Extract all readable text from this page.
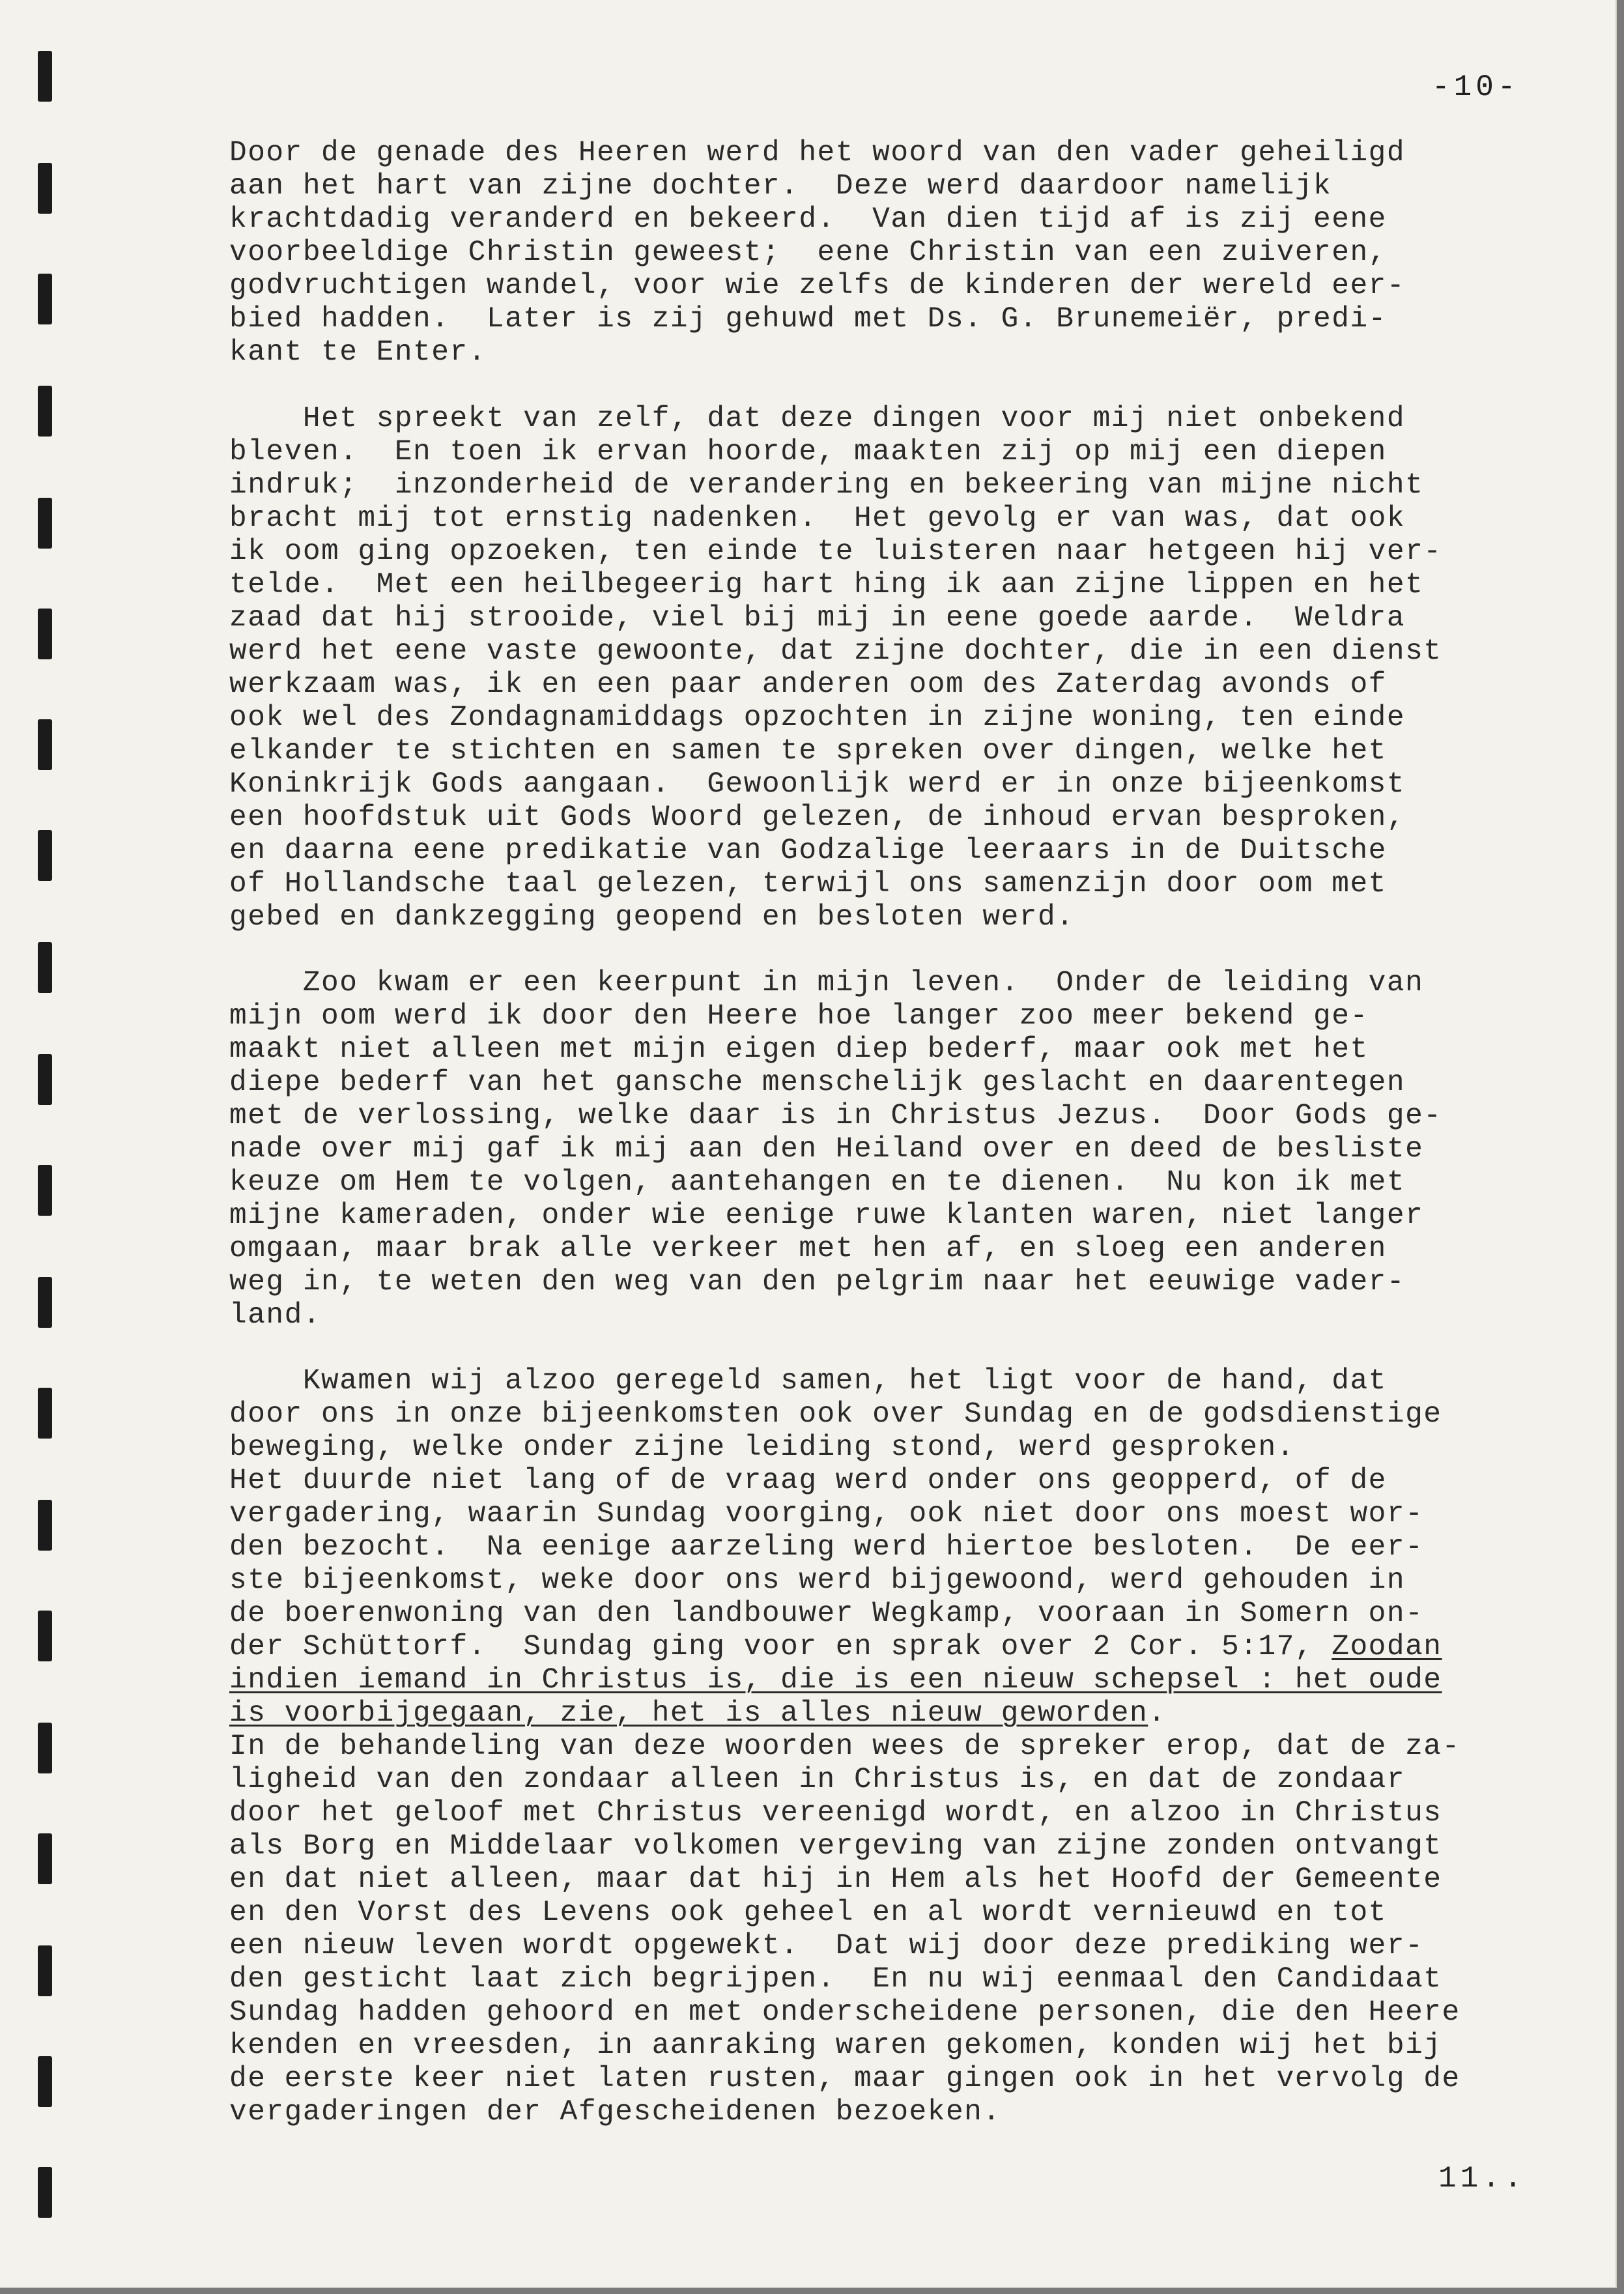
-10-

Door de genade des Heeren werd het woord van den vader geheiligd

aan het hart van zijne dochter.  Deze werd daardoor namelijk

krachtdadig veranderd en bekeerd.  Van dien tijd af is zij eene

voorbeeldige Christin geweest;  eene Christin van een zuiveren,

godvruchtigen wandel, voor wie zelfs de kinderen der wereld eer-

bied hadden.  Later is zij gehuwd met Ds. G. Brunemeiër, predi-

kant te Enter.

Het spreekt van zelf, dat deze dingen voor mij niet onbekend

bleven.  En toen ik ervan hoorde, maakten zij op mij een diepen

indruk;  inzonderheid de verandering en bekeering van mijne nicht

bracht mij tot ernstig nadenken.  Het gevolg er van was, dat ook

ik oom ging opzoeken, ten einde te luisteren naar hetgeen hij ver-

telde.  Met een heilbegeerig hart hing ik aan zijne lippen en het

zaad dat hij strooide, viel bij mij in eene goede aarde.  Weldra

werd het eene vaste gewoonte, dat zijne dochter, die in een dienst

werkzaam was, ik en een paar anderen oom des Zaterdag avonds of

ook wel des Zondagnamiddags opzochten in zijne woning, ten einde

elkander te stichten en samen te spreken over dingen, welke het

Koninkrijk Gods aangaan.  Gewoonlijk werd er in onze bijeenkomst

een hoofdstuk uit Gods Woord gelezen, de inhoud ervan besproken,

en daarna eene predikatie van Godzalige leeraars in de Duitsche

of Hollandsche taal gelezen, terwijl ons samenzijn door oom met

gebed en dankzegging geopend en besloten werd.

Zoo kwam er een keerpunt in mijn leven.  Onder de leiding van

mijn oom werd ik door den Heere hoe langer zoo meer bekend ge-

maakt niet alleen met mijn eigen diep bederf, maar ook met het

diepe bederf van het gansche menschelijk geslacht en daarentegen

met de verlossing, welke daar is in Christus Jezus.  Door Gods ge-

nade over mij gaf ik mij aan den Heiland over en deed de besliste

keuze om Hem te volgen, aantehangen en te dienen.  Nu kon ik met

mijne kameraden, onder wie eenige ruwe klanten waren, niet langer

omgaan, maar brak alle verkeer met hen af, en sloeg een anderen

weg in, te weten den weg van den pelgrim naar het eeuwige vader-

land.

Kwamen wij alzoo geregeld samen, het ligt voor de hand, dat

door ons in onze bijeenkomsten ook over Sundag en de godsdienstige

beweging, welke onder zijne leiding stond, werd gesproken.

Het duurde niet lang of de vraag werd onder ons geopperd, of de

vergadering, waarin Sundag voorging, ook niet door ons moest wor-

den bezocht.  Na eenige aarzeling werd hiertoe besloten.  De eer-

ste bijeenkomst, weke door ons werd bijgewoond, werd gehouden in

de boerenwoning van den landbouwer Wegkamp, vooraan in Somern on-

der Schüttorf.  Sundag ging voor en sprak over 2 Cor. 5:17, Zoodan

indien iemand in Christus is, die is een nieuw schepsel : het oude

is voorbijgegaan, zie, het is alles nieuw geworden.

In de behandeling van deze woorden wees de spreker erop, dat de za-

ligheid van den zondaar alleen in Christus is, en dat de zondaar

door het geloof met Christus vereenigd wordt, en alzoo in Christus

als Borg en Middelaar volkomen vergeving van zijne zonden ontvangt

en dat niet alleen, maar dat hij in Hem als het Hoofd der Gemeente

en den Vorst des Levens ook geheel en al wordt vernieuwd en tot

een nieuw leven wordt opgewekt.  Dat wij door deze prediking wer-

den gesticht laat zich begrijpen.  En nu wij eenmaal den Candidaat

Sundag hadden gehoord en met onderscheidene personen, die den Heere

kenden en vreesden, in aanraking waren gekomen, konden wij het bij

de eerste keer niet laten rusten, maar gingen ook in het vervolg de

vergaderingen der Afgescheidenen bezoeken.

11..
